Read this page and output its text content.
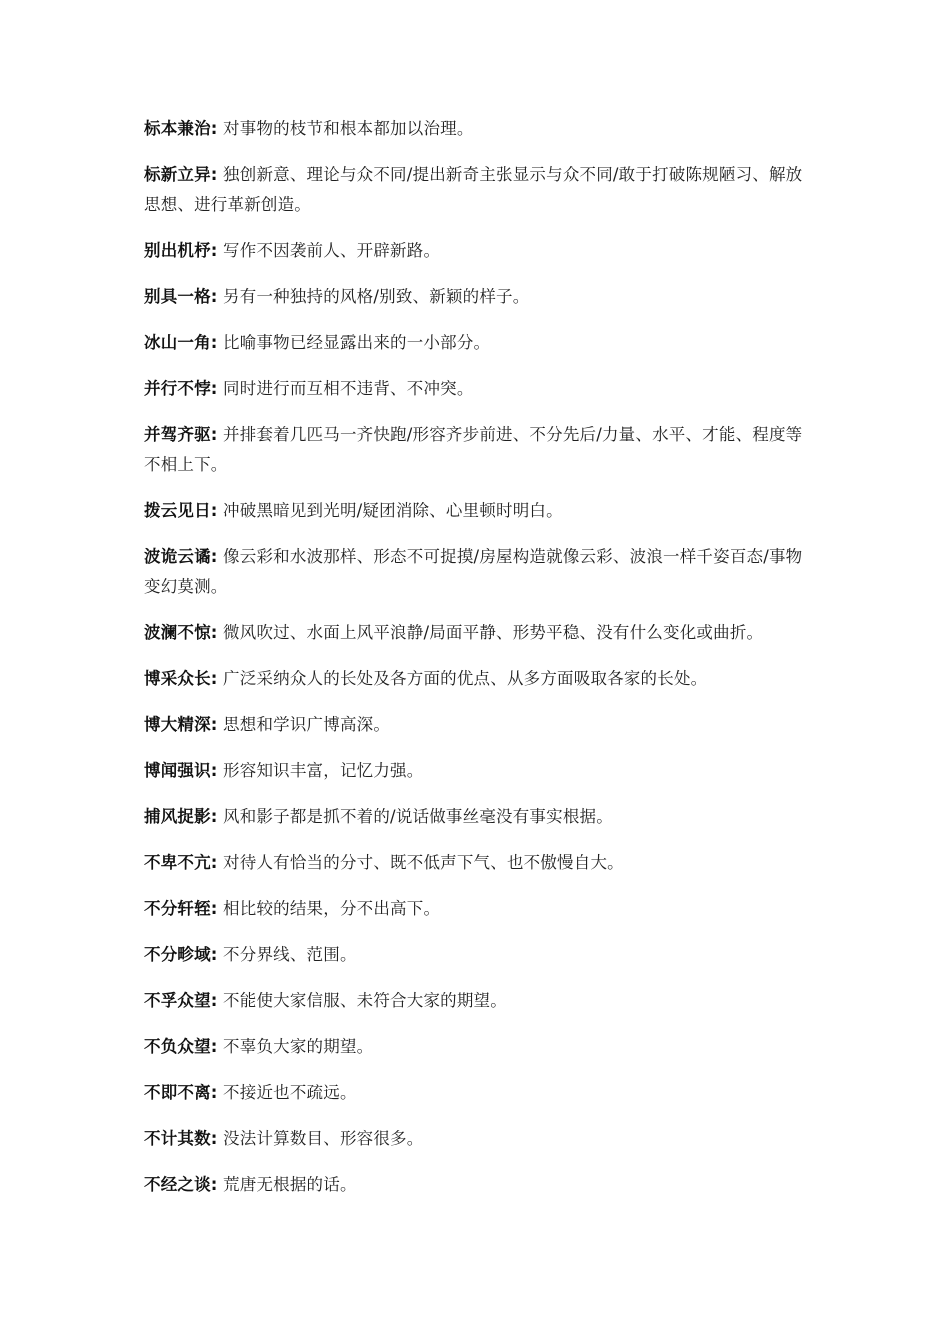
标本兼治: 对事物的枝节和根本都加以治理。
标新立异: 独创新意、理论与众不同/提出新奇主张显示与众不同/敢于打破陈规陋习、解放思想、进行革新创造。
别出机杼: 写作不因袭前人、开辟新路。
别具一格: 另有一种独持的风格/别致、新颖的样子。
冰山一角: 比喻事物已经显露出来的一小部分。
并行不悖: 同时进行而互相不违背、不冲突。
并驾齐驱: 并排套着几匹马一齐快跑/形容齐步前进、不分先后/力量、水平、才能、程度等不相上下。
拨云见日: 冲破黑暗见到光明/疑团消除、心里顿时明白。
波诡云谲: 像云彩和水波那样、形态不可捉摸/房屋构造就像云彩、波浪一样千姿百态/事物变幻莫测。
波澜不惊: 微风吹过、水面上风平浪静/局面平静、形势平稳、没有什么变化或曲折。
博采众长: 广泛采纳众人的长处及各方面的优点、从多方面吸取各家的长处。
博大精深: 思想和学识广博高深。
博闻强识: 形容知识丰富，记忆力强。
捕风捉影: 风和影子都是抓不着的/说话做事丝毫没有事实根据。
不卑不亢: 对待人有恰当的分寸、既不低声下气、也不傲慢自大。
不分轩轾: 相比较的结果，分不出高下。
不分畛域: 不分界线、范围。
不孚众望: 不能使大家信服、未符合大家的期望。
不负众望: 不辜负大家的期望。
不即不离: 不接近也不疏远。
不计其数: 没法计算数目、形容很多。
不经之谈: 荒唐无根据的话。
